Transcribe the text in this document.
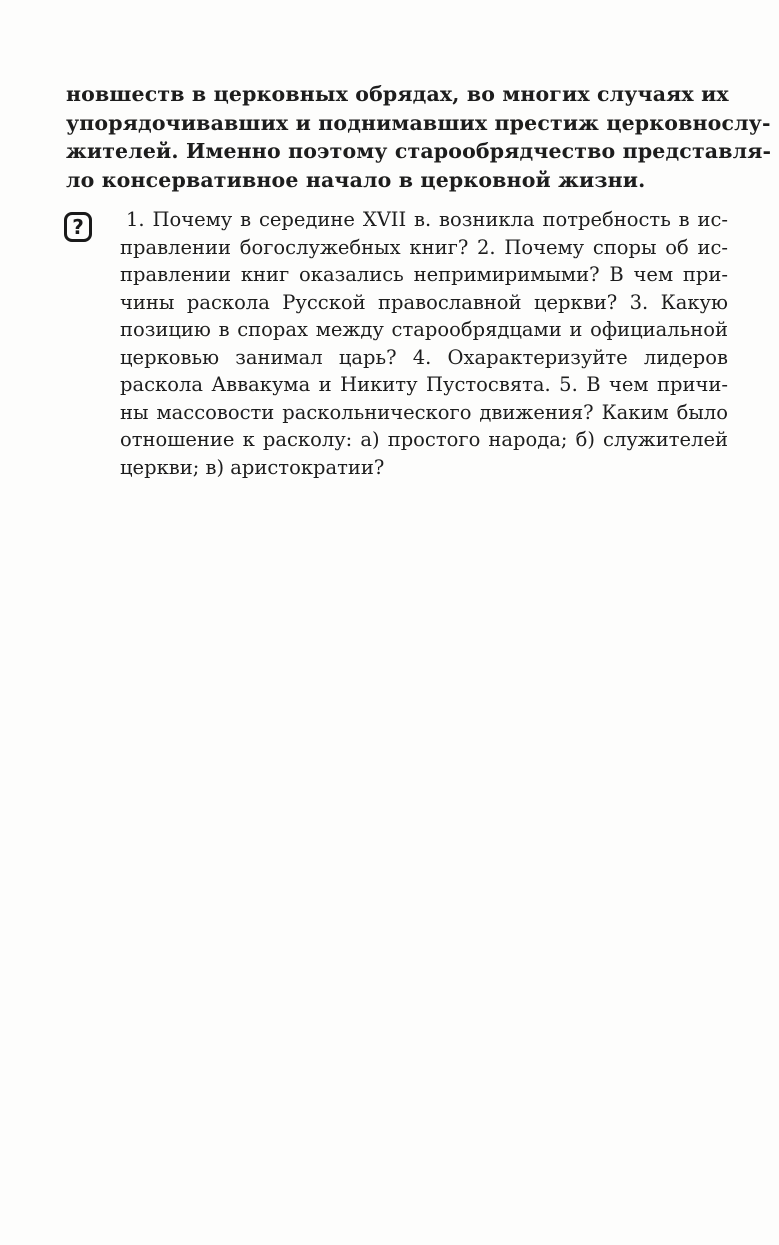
новшеств в церковных обрядах, во многих случаях их
упорядочивавших и поднимавших престиж церковнослу-
жителей. Именно поэтому старообрядчество представля-
ло консервативное начало в церковной жизни.

?	1. Почему в середине XVII в. возникла потребность в ис-
правлении богослужебных книг? 2. Почему споры об ис-
правлении книг оказались непримиримыми? В чем при-
чины раскола Русской православной церкви? 3. Какую
позицию в спорах между старообрядцами и официальной
церковью занимал царь? 4. Охарактеризуйте лидеров
раскола Аввакума и Никиту Пустосвята. 5. В чем причи-
ны массовости раскольнического движения? Каким было
отношение к расколу: а) простого народа; б) служителей
церкви; в) аристократии?
